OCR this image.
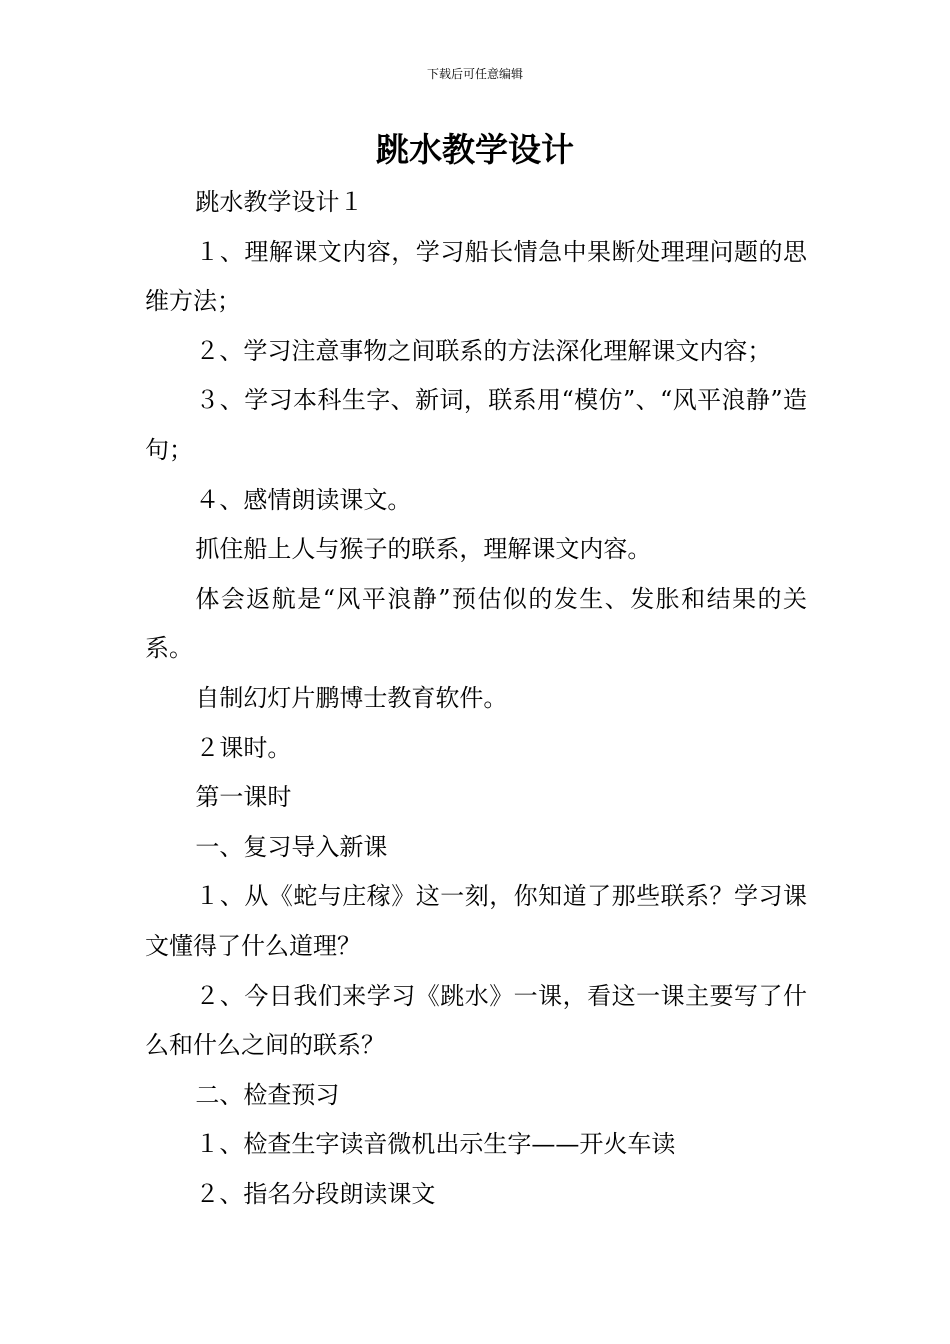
下载后可任意编辑
跳水教学设计

跳水教学设计１

１、理解课文内容，学习船长情急中果断处理理问题的思维方法；

２、学习注意事物之间联系的方法深化理解课文内容；

３、学习本科生字、新词，联系用“模仿”、“风平浪静”造句；

４、感情朗读课文。

抓住船上人与猴子的联系，理解课文内容。

体会返航是“风平浪静”预估似的发生、发胀和结果的关系。

自制幻灯片鹏博士教育软件。

２课时。

第一课时

一、复习导入新课

１、从《蛇与庄稼》这一刻，你知道了那些联系？学习课文懂得了什么道理？

２、今日我们来学习《跳水》一课，看这一课主要写了什么和什么之间的联系？

二、检查预习

１、检查生字读音微机出示生字——开火车读

２、指名分段朗读课文
